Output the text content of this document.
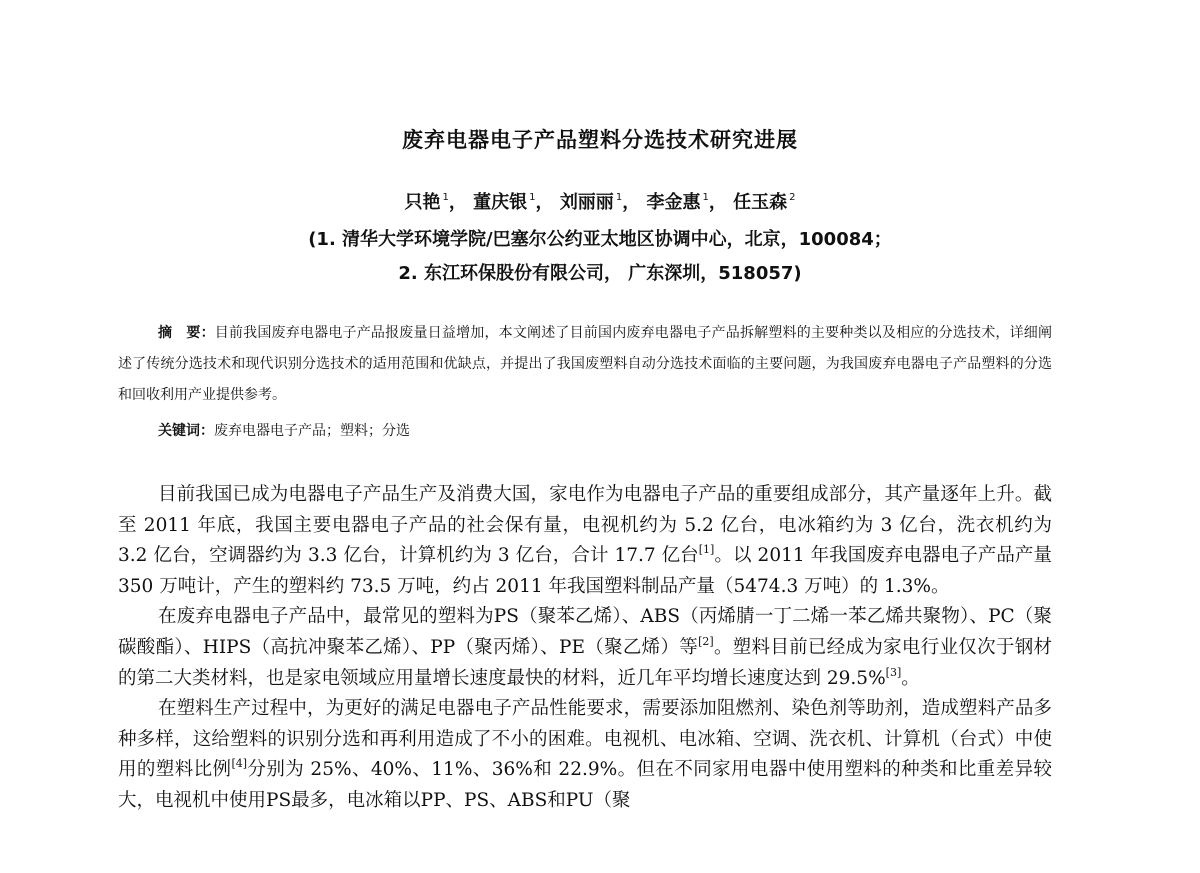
废弃电器电子产品塑料分选技术研究进展
只艳 $^1$， 董庆银 $^1$， 刘丽丽 $^1$， 李金惠 $^1$， 任玉森 $^2$
(1. 清华大学环境学院/巴塞尔公约亚太地区协调中心，北京，100084；
2. 东江环保股份有限公司， 广东深圳，518057)
摘　要：目前我国废弃电器电子产品报废量日益增加，本文阐述了目前国内废弃电器电子产品拆解塑料的主要种类以及相应的分选技术，详细阐述了传统分选技术和现代识别分选技术的适用范围和优缺点，并提出了我国废塑料自动分选技术面临的主要问题，为我国废弃电器电子产品塑料的分选和回收利用产业提供参考。
关键词：废弃电器电子产品；塑料；分选

目前我国已成为电器电子产品生产及消费大国，家电作为电器电子产品的重要组成部分，其产量逐年上升。截至 2011 年底，我国主要电器电子产品的社会保有量，电视机约为 5.2 亿台，电冰箱约为 3 亿台，洗衣机约为 3.2 亿台，空调器约为 3.3 亿台，计算机约为 3 亿台，合计 17.7 亿台[1]。以 2011 年我国废弃电器电子产品产量 350 万吨计，产生的塑料约 73.5 万吨，约占 2011 年我国塑料制品产量（5474.3 万吨）的 1.3%。

在废弃电器电子产品中，最常见的塑料为PS（聚苯乙烯）、ABS（丙烯腈一丁二烯一苯乙烯共聚物）、PC（聚碳酸酯）、HIPS（高抗冲聚苯乙烯）、PP（聚丙烯）、PE（聚乙烯）等[2]。塑料目前已经成为家电行业仅次于钢材的第二大类材料，也是家电领域应用量增长速度最快的材料，近几年平均增长速度达到 29.5%[3]。

在塑料生产过程中，为更好的满足电器电子产品性能要求，需要添加阻燃剂、染色剂等助剂，造成塑料产品多种多样，这给塑料的识别分选和再利用造成了不小的困难。电视机、电冰箱、空调、洗衣机、计算机（台式）中使用的塑料比例[4]分别为 25%、40%、11%、36%和 22.9%。但在不同家用电器中使用塑料的种类和比重差异较大，电视机中使用PS最多，电冰箱以PP、PS、ABS和PU（聚
